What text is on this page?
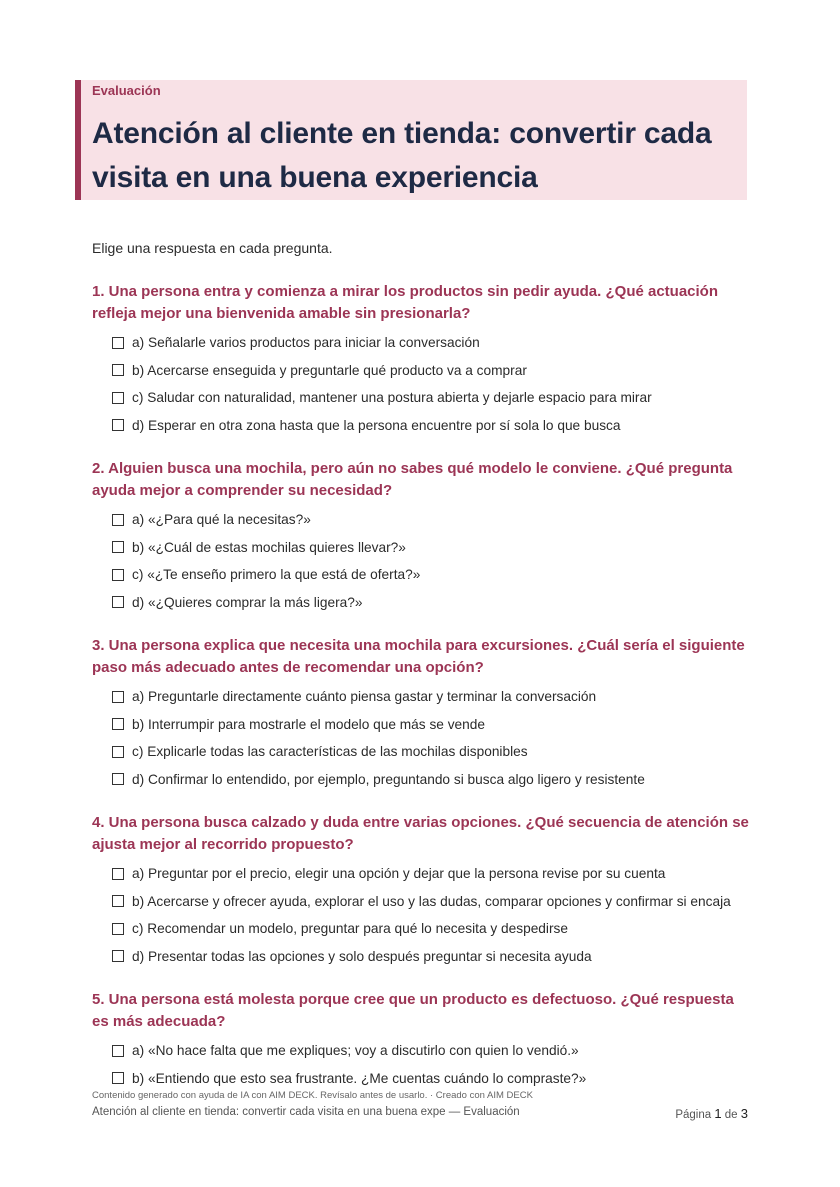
Evaluación

Atención al cliente en tienda: convertir cada visita en una buena experiencia

Elige una respuesta en cada pregunta.

1. Una persona entra y comienza a mirar los productos sin pedir ayuda. ¿Qué actuación refleja mejor una bienvenida amable sin presionarla?

a) Señalarle varios productos para iniciar la conversación
b) Acercarse enseguida y preguntarle qué producto va a comprar
c) Saludar con naturalidad, mantener una postura abierta y dejarle espacio para mirar
d) Esperar en otra zona hasta que la persona encuentre por sí sola lo que busca

2. Alguien busca una mochila, pero aún no sabes qué modelo le conviene. ¿Qué pregunta ayuda mejor a comprender su necesidad?

a) «¿Para qué la necesitas?»
b) «¿Cuál de estas mochilas quieres llevar?»
c) «¿Te enseño primero la que está de oferta?»
d) «¿Quieres comprar la más ligera?»

3. Una persona explica que necesita una mochila para excursiones. ¿Cuál sería el siguiente paso más adecuado antes de recomendar una opción?

a) Preguntarle directamente cuánto piensa gastar y terminar la conversación
b) Interrumpir para mostrarle el modelo que más se vende
c) Explicarle todas las características de las mochilas disponibles
d) Confirmar lo entendido, por ejemplo, preguntando si busca algo ligero y resistente

4. Una persona busca calzado y duda entre varias opciones. ¿Qué secuencia de atención se ajusta mejor al recorrido propuesto?

a) Preguntar por el precio, elegir una opción y dejar que la persona revise por su cuenta
b) Acercarse y ofrecer ayuda, explorar el uso y las dudas, comparar opciones y confirmar si encaja
c) Recomendar un modelo, preguntar para qué lo necesita y despedirse
d) Presentar todas las opciones y solo después preguntar si necesita ayuda

5. Una persona está molesta porque cree que un producto es defectuoso. ¿Qué respuesta es más adecuada?

a) «No hace falta que me expliques; voy a discutirlo con quien lo vendió.»
b) «Entiendo que esto sea frustrante. ¿Me cuentas cuándo lo compraste?»

Contenido generado con ayuda de IA con AIM DECK. Revísalo antes de usarlo. · Creado con AIM DECK

Atención al cliente en tienda: convertir cada visita en una buena expe — Evaluación	Página 1 de 3
